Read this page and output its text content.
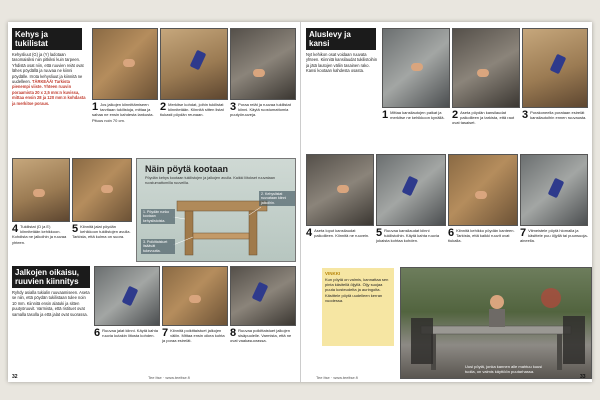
Kehys ja tukilistat
Kehysliuut (G) ja (Y) ladotaan tasomaisiksi niin pitkiksi kuin tarpeen. Yhdistä osat niin, että ruuvien reiät ovat lähes pöydällä ja ruuvaa ne kiinni pöydälle. Irrota kehysliuut ja kiinnitä ne uudelleen. TÄRKEÄÄ! Tarkista pienempi viiste. Yhteen ruuvin poraamista 20 x 2,5 mm:n kuvissa, mittaa ensin 28 ja 120 mm:n kohdasta ja merkitse poraus.	1 Jos jalkojen kiinnittämiseen tarvitaan tukilistoja, mittaa ja sahaa ne ensin kahdesta lankusta. Pituus noin 70 cm.
2 Merkitse kohdat, joihin tukilistat kiinnitetään. Kiinnitä sitten listat tiukasti pöydän reunaan.
3 Poraa reiät ja ruuvaa tukilistat kiinni. Käytä ruostumattomia puutyöruuveja.
4 Tukilistat (D ja E) kiinnitetään kehikkoon. Kohdista ne jalkoihin ja ruuvaa yhteen.
5 Kiinnitä jalat pöydän kehikkoon tukilistojen avulla. Tarkista, että kulma on suora.
Näin pöytä kootaan
Pöydän kehys kootaan tukilistojen ja jalkojen avulla. Kaikki liitokset ruuvataan ruostumattomilla ruuveilla.
1. Pöydän runko kootaan kehyslistoista.
2. Kehyslistat ruuvataan kiinni jalkoihin.
3. Poikittaistuet lisäävät tukevuutta.
Jalkojen oikaisu, ruuvien kiinnitys
Ryhdy asialla tukialin ruuvaamiseen. Aseta se niin, että pöydän tukilistaan tulee noin 10 mm. Kiinnitä ensin alatuki ja sitten puutyöruuvit. Varmista, että ristituet ovat samalla tasolla ja että jalat ovat suorassa.
6 Ruuvaa jalat kiinni. Käytä kahta ruuvia kutakin liitosta kohden. 7 Kiinnitä poikittaistuet jalkojen väliin. Mittaa ensin oikea kohta ja poraa esireiät.
8 Ruuvaa poikittaistuet jalkojen sisäpuolelle. Varmista, että ne ovat vaakasuorassa.
32	Tee itse · www.teeitse.fi
Aluslevy ja kansi
Nyt kehikon osat voidaan ruuvata yhteen. Kiinnitä kansilaudat tukilistoihin ja jätä lautojen väliin tasainen rako. Kansi kootaan kahdesta osasta.
1 Mittaa kansilautojen paikat ja merkitse ne kehikkoon kynällä. 2 Aseta pöydän kansilaudat paikoilleen ja tarkista, että raot ovat tasaiset.
3 Porakoneella porataan esireiät kansilautoihin ennen ruuvausta.
4 Aseta loput kansilaudat paikoilleen. Kiinnitä ne ruuvein. 5 Ruuvaa kansilaudat kiinni tukilistoihin. Käytä kahta ruuvia jokaista kohtaa kohden.
6 Kiinnitä kehikko pöydän kanteen. Tarkista, että kaikki ruuvit ovat tiukalla.
7 Viimeistele pöytä hiomalla ja käsittele puu öljyllä tai puunsuoja-aineella.
VINKKI
Kun pöytä on valmis, kannattaa sen pinta käsitellä öljyllä. Öljy suojaa puuta kosteudelta ja auringolta. Käsittele pöytä uudelleen kerran vuodessa.
Uusi pöytä, jonka kannen alle mahtuu kuusi tuolia, on valmis käyttöön puutarhassa.
Tee itse · www.teeitse.fi	33
